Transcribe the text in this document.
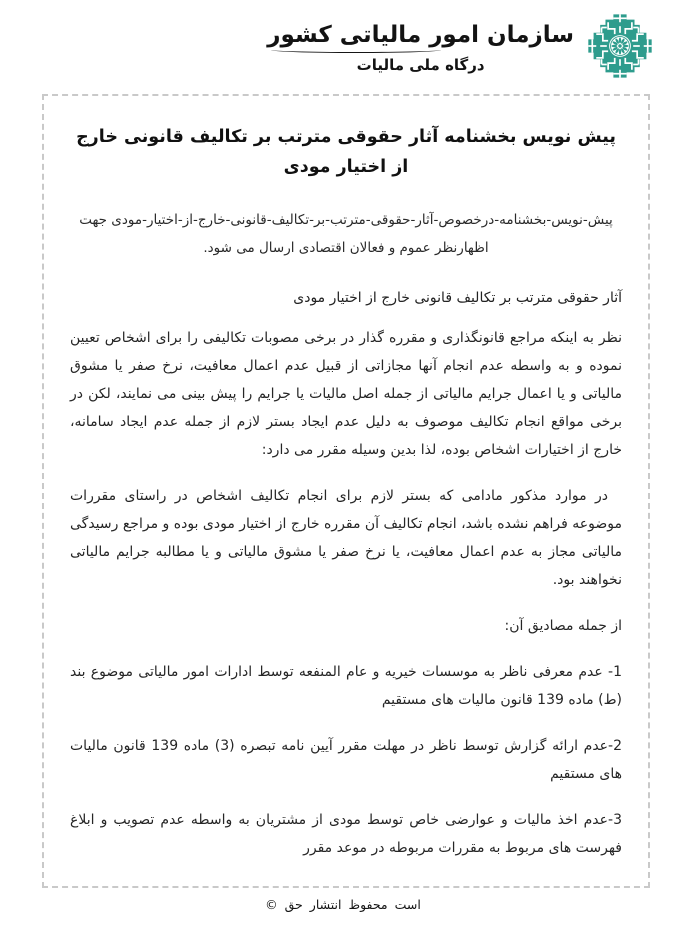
سازمان امور مالیاتی کشور
درگاه ملی مالیات
پیش نویس بخشنامه آثار حقوقی مترتب بر تکالیف قانونی خارج از اختیار مودی

پیش-نویس-بخشنامه-درخصوص-آثار-حقوقی-مترتب-بر-تکالیف-قانونی-خارج-از-اختیار-مودی جهت اظهارنظر عموم و فعالان اقتصادی ارسال می شود.

آثار حقوقی مترتب بر تکالیف قانونی خارج از اختیار مودی

نظر به اینکه مراجع قانونگذاری و مقرره گذار در برخی مصوبات تکالیفی را برای اشخاص تعیین نموده و به واسطه عدم انجام آنها مجازاتی از قبیل عدم اعمال معافیت، نرخ صفر یا مشوق مالیاتی و یا اعمال جرایم مالیاتی از جمله اصل مالیات یا جرایم را پیش بینی می نمایند، لکن در برخی مواقع انجام تکالیف موصوف به دلیل عدم ایجاد بستر لازم از جمله عدم ایجاد سامانه، خارج از اختیارات اشخاص بوده، لذا بدین وسیله مقرر می دارد:

در موارد مذکور مادامی که بستر لازم برای انجام تکالیف اشخاص در راستای مقررات موضوعه فراهم نشده باشد، انجام تکالیف آن مقرره خارج از اختیار مودی بوده و مراجع رسیدگی مالیاتی مجاز به عدم اعمال معافیت، یا نرخ صفر یا مشوق مالیاتی و یا مطالبه جرایم مالیاتی نخواهند بود.

از جمله مصادیق آن:

1- عدم معرفی ناظر به موسسات خیریه و عام المنفعه توسط ادارات امور مالیاتی موضوع بند (ط) ماده 139 قانون مالیات های مستقیم

2-عدم ارائه گزارش توسط ناظر در مهلت مقرر آیین نامه تبصره (3) ماده 139 قانون مالیات های مستقیم

3-عدم اخذ مالیات و عوارضی خاص توسط مودی از مشتریان به واسطه عدم تصویب و ابلاغ فهرست های مربوط به مقررات مربوطه در موعد مقرر

© حق انتشار محفوظ است
